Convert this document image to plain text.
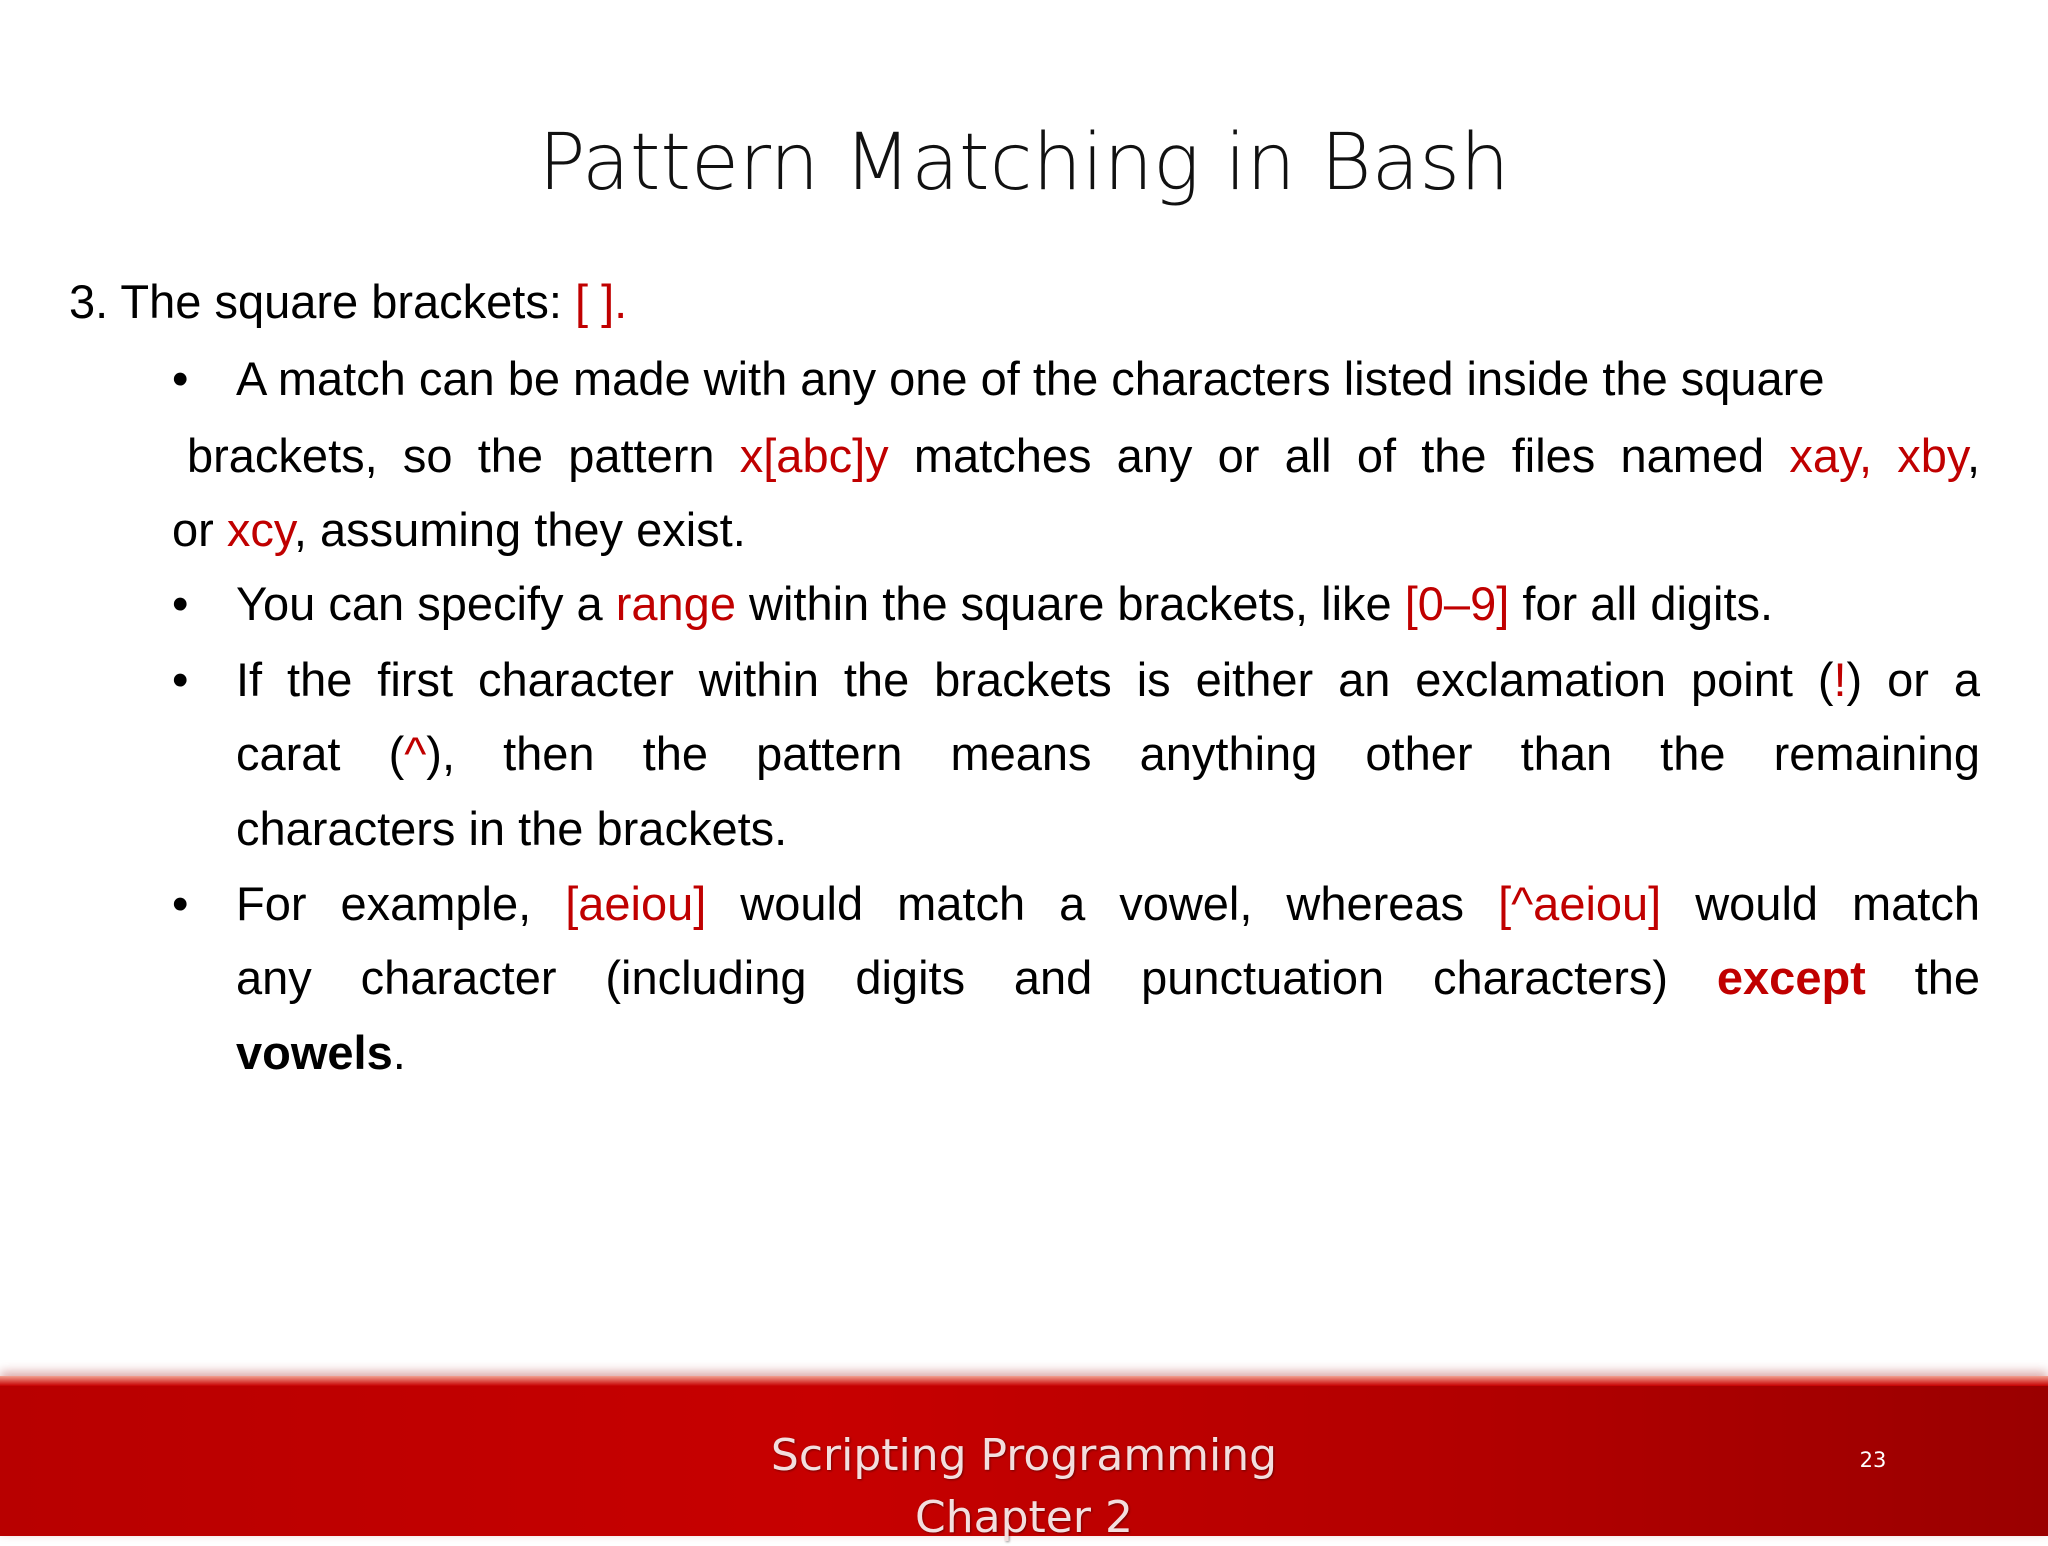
Pattern Matching in Bash
3. The square brackets: [ ].
• A match can be made with any one of the characters listed inside the square
brackets, so the pattern x[abc]y matches any or all of the files named xay, xby,
or xcy, assuming they exist.
• You can specify a range within the square brackets, like [0–9] for all digits.
• If the first character within the brackets is either an exclamation point (!) or a
carat (^), then the pattern means anything other than the remaining
characters in the brackets.
• For example, [aeiou] would match a vowel, whereas [^aeiou] would match
any character (including digits and punctuation characters) except the
vowels.
Scripting Programming
Chapter 2
23
